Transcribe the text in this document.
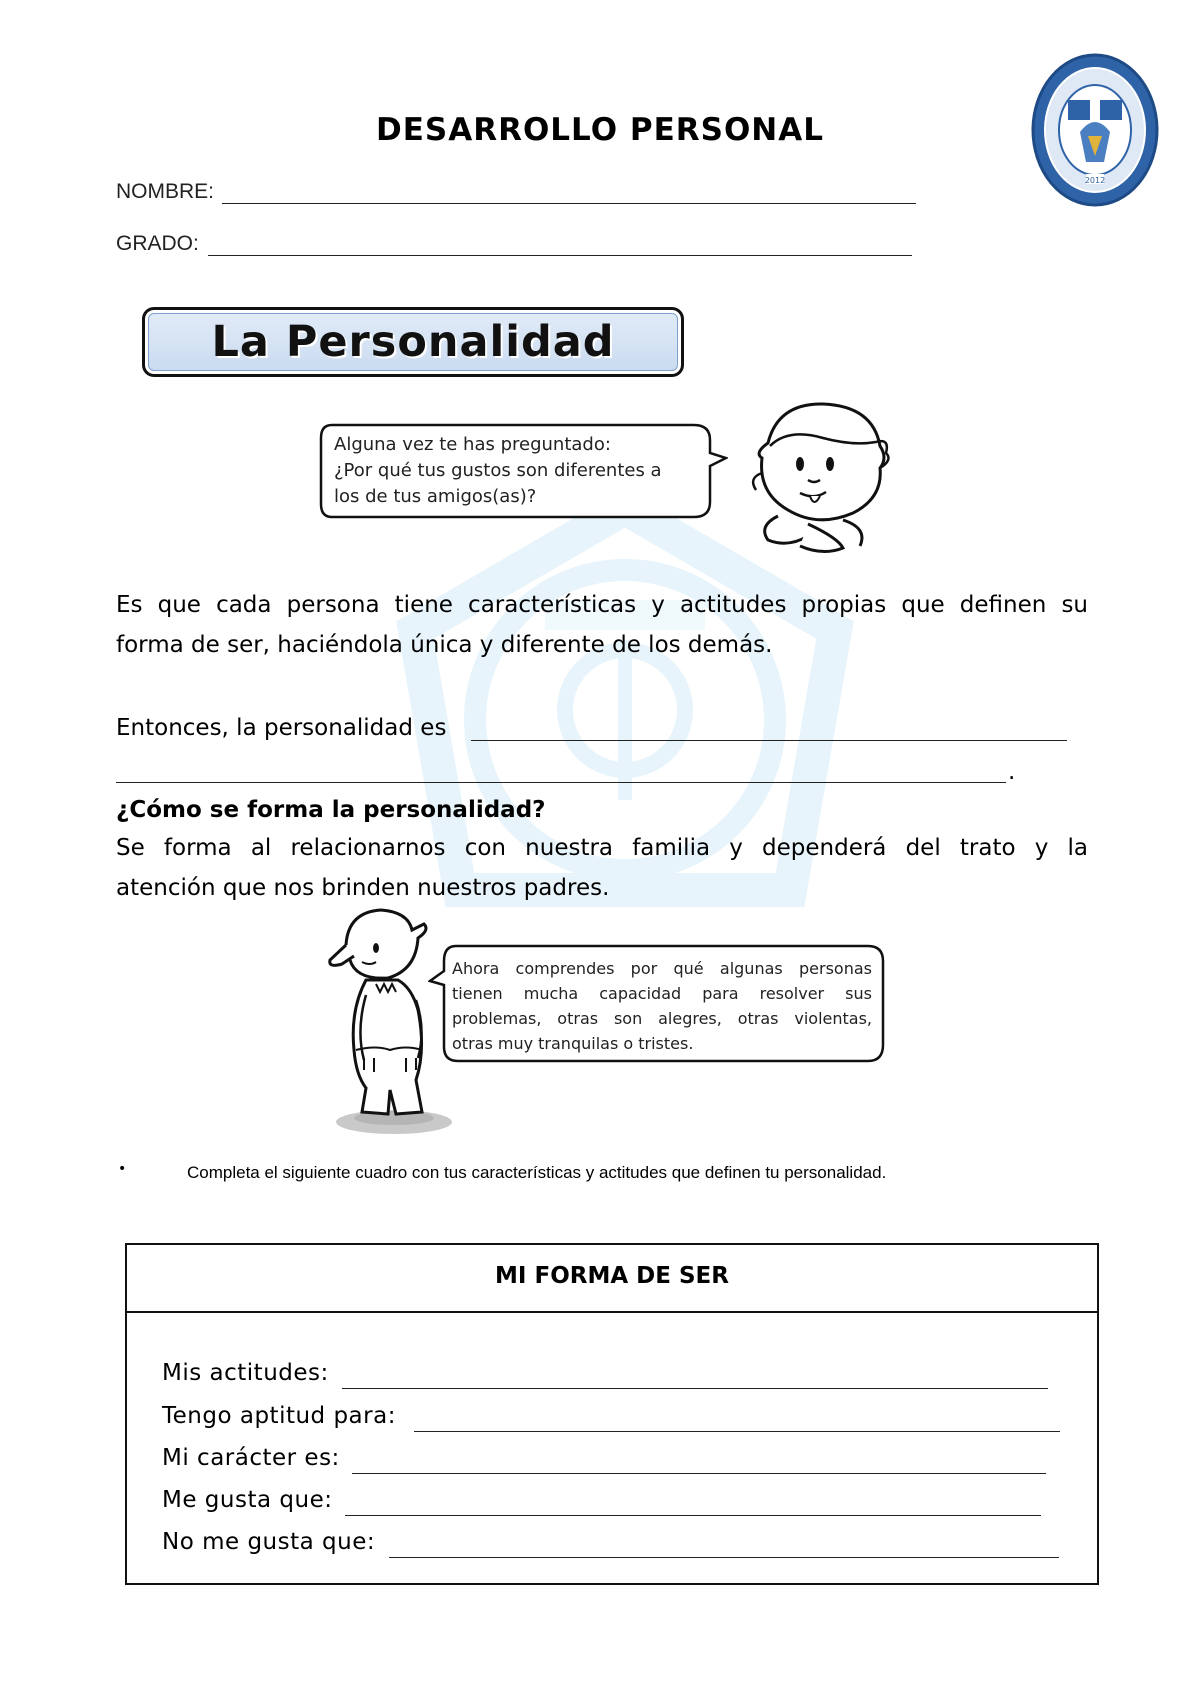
DESARROLLO PERSONAL
2012
NOMBRE:
GRADO:
La Personalidad
Alguna vez te has preguntado:
¿Por qué tus gustos son diferentes a
los de tus amigos(as)?
Es que cada persona tiene características y actitudes propias que definen su
forma de ser, haciéndola única y diferente de los demás.
Entonces, la personalidad es
.
¿Cómo se forma la personalidad?
Se forma al relacionarnos con nuestra familia y dependerá del trato y la
atención que nos brinden nuestros padres.
Ahora comprendes por qué algunas personas
tienen mucha capacidad para resolver sus
problemas, otras son alegres, otras violentas,
otras muy tranquilas o tristes.
•	Completa el siguiente cuadro con tus características y actitudes que definen tu personalidad.
MI FORMA DE SER
Mis actitudes:
Tengo aptitud para:
Mi carácter es:
Me gusta que:
No me gusta que:
